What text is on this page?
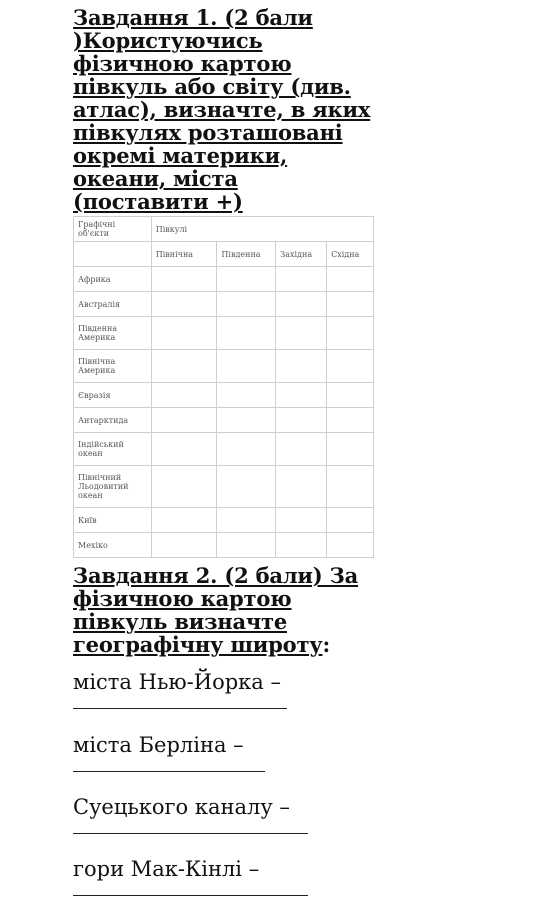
Завдання 1. (2 бали )Користуючись фізичною картою півкуль або світу (див. атлас), визначте, в яких півкулях розташовані окремі материки, океани, міста
(поставити +)
Графічні об'єкти	Півкулі			
	Північна	Південна	Західна	Східна
Африка				
Австралія				
Південна Америка				
Північна Америка				
Євразія				
Антарктида				
Індійський океан				
Північний Льодовитий океан				
Київ				
Мехіко				
Завдання 2. (2 бали) За фізичною картою півкуль визначте географічну широту:
міста Нью-Йорка –
міста Берліна –
Суецького каналу –
гори Мак-Кінлі –
